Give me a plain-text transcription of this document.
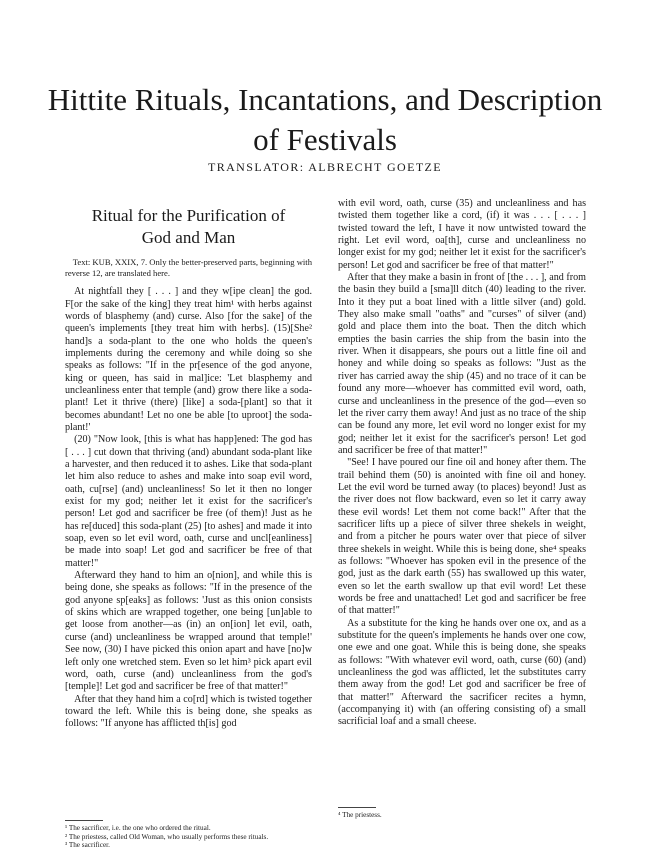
Hittite Rituals, Incantations, and Description
of Festivals

TRANSLATOR: ALBRECHT GOETZE

Ritual for the Purification of
God and Man

Text: KUB, XXIX, 7. Only the better-preserved parts, beginning with reverse 12, are translated here.

At nightfall they [ . . . ] and they w[ipe clean] the god. F[or the sake of the king] they treat him¹ with herbs against words of blasphemy (and) curse. Also [for the sake] of the queen's implements [they treat him with herbs]. (15)[She² hand]s a soda-plant to the one who holds the queen's implements during the ceremony and while doing so she speaks as follows: "If in the pr[esence of the god anyone, king or queen, has said in mal]ice: 'Let blasphemy and uncleanliness enter that temple (and) grow there like a soda-plant! Let it thrive (there) [like] a soda-[plant] so that it becomes abundant! Let no one be able [to uproot] the soda-plant!'

(20) "Now look, [this is what has happ]ened: The god has [ . . . ] cut down that thriving (and) abundant soda-plant like a harvester, and then reduced it to ashes. Like that soda-plant let him also reduce to ashes and make into soap evil word, oath, cu[rse] (and) uncleanliness! So let it then no longer exist for my god; neither let it exist for the sacrificer's person! Let god and sacrificer be free (of them)! Just as he has re[duced] this soda-plant (25) [to ashes] and made it into soap, even so let evil word, oath, curse and uncl[eanliness] be made into soap! Let god and sacrificer be free of that matter!"

Afterward they hand to him an o[nion], and while this is being done, she speaks as follows: "If in the presence of the god anyone sp[eaks] as follows: 'Just as this onion consists of skins which are wrapped together, one being [un]able to get loose from another—as (in) an on[ion] let evil, oath, curse (and) uncleanliness be wrapped around that temple!' See now, (30) I have picked this onion apart and have [no]w left only one wretched stem. Even so let him³ pick apart evil word, oath, curse (and) uncleanliness from the god's [temple]! Let god and sacrificer be free of that matter!"

After that they hand him a co[rd] which is twisted together toward the left. While this is being done, she speaks as follows: "If anyone has afflicted th[is] god

¹ The sacrificer, i.e. the one who ordered the ritual.

² The priestess, called Old Woman, who usually performs these rituals.

³ The sacrificer.

with evil word, oath, curse (35) and uncleanliness and has twisted them together like a cord, (if) it was . . . [ . . . ] twisted toward the left, I have it now untwisted toward the right. Let evil word, oa[th], curse and uncleanliness no longer exist for my god; neither let it exist for the sacrificer's person! Let god and sacrificer be free of that matter!"

After that they make a basin in front of [the . . . ], and from the basin they build a [sma]ll ditch (40) leading to the river. Into it they put a boat lined with a little silver (and) gold. They also make small "oaths" and "curses" of silver (and) gold and place them into the boat. Then the ditch which empties the basin carries the ship from the basin into the river. When it disappears, she pours out a little fine oil and honey and while doing so speaks as follows: "Just as the river has carried away the ship (45) and no trace of it can be found any more—whoever has committed evil word, oath, curse and uncleanliness in the presence of the god—even so let the river carry them away! And just as no trace of the ship can be found any more, let evil word no longer exist for my god; neither let it exist for the sacrificer's person! Let god and sacrificer be free of that matter!"

"See! I have poured our fine oil and honey after them. The trail behind them (50) is anointed with fine oil and honey. Let the evil word be turned away (to places) beyond! Just as the river does not flow backward, even so let it carry away these evil words! Let them not come back!" After that the sacrificer lifts up a piece of silver three shekels in weight, and from a pitcher he pours water over that piece of silver three shekels in weight. While this is being done, she⁴ speaks as follows: "Whoever has spoken evil in the presence of the god, just as the dark earth (55) has swallowed up this water, even so let the earth swallow up that evil word! Let these words be free and unattached! Let god and sacrificer be free of that matter!"

As a substitute for the king he hands over one ox, and as a substitute for the queen's implements he hands over one cow, one ewe and one goat. While this is being done, she speaks as follows: "With whatever evil word, oath, curse (60) (and) uncleanliness the god was afflicted, let the substitutes carry them away from the god! Let god and sacrificer be free of that matter!" Afterward the sacrificer recites a hymn, (accompanying it) with (an offering consisting of) a small sacrificial loaf and a small cheese.

⁴ The priestess.
